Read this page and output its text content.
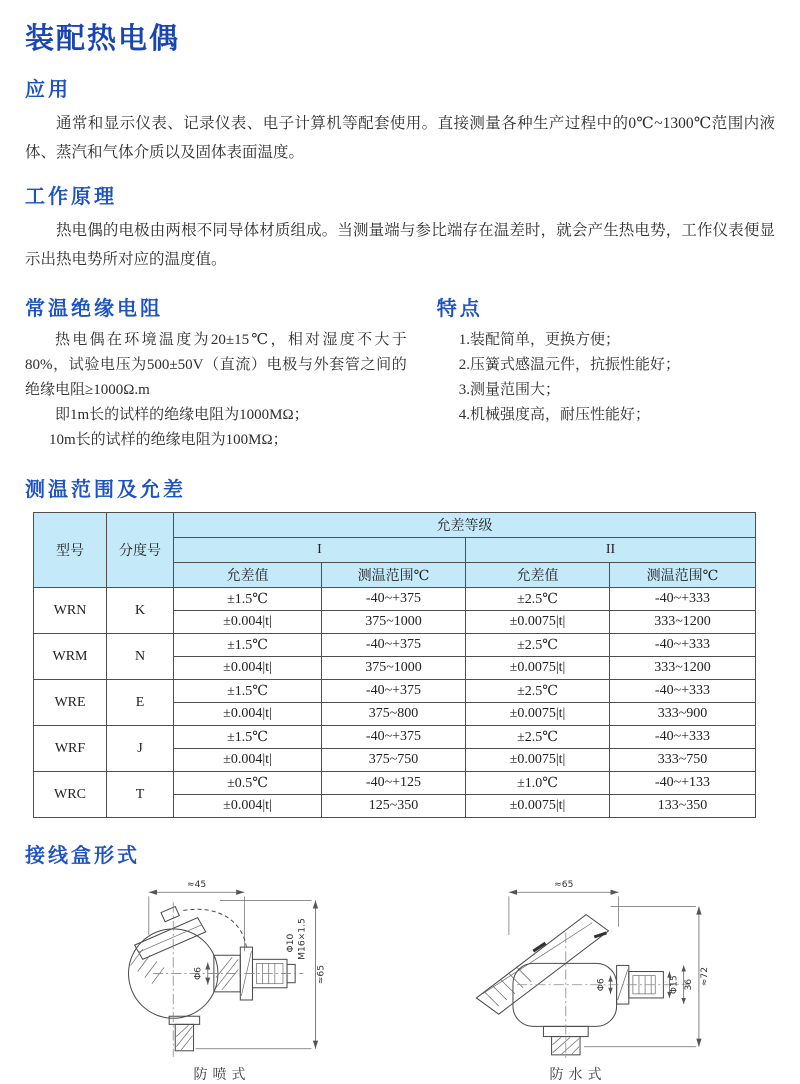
装配热电偶
应用

通常和显示仪表、记录仪表、电子计算机等配套使用。直接测量各种生产过程中的0℃~1300℃范围内液体、蒸汽和气体介质以及固体表面温度。

工作原理

热电偶的电极由两根不同导体材质组成。当测量端与参比端存在温差时，就会产生热电势，工作仪表便显示出热电势所对应的温度值。

常温绝缘电阻

热电偶在环境温度为20±15℃，相对湿度不大于80%，试验电压为500±50V（直流）电极与外套管之间的绝缘电阻≥1000Ω.m

即1m长的试样的绝缘电阻为1000MΩ；

10m长的试样的绝缘电阻为100MΩ；

特点
1.装配简单，更换方便；
2.压簧式感温元件，抗振性能好；
3.测量范围大；
4.机械强度高，耐压性能好；
测温范围及允差
型号	分度号	允差等级			
		I		II	
		允差值	测温范围℃	允差值	测温范围℃
WRN	K	±1.5℃	-40~+375	±2.5℃	-40~+333
		±0.004|t|	375~1000	±0.0075|t|	333~1200
WRM	N	±1.5℃	-40~+375	±2.5℃	-40~+333
		±0.004|t|	375~1000	±0.0075|t|	333~1200
WRE	E	±1.5℃	-40~+375	±2.5℃	-40~+333
		±0.004|t|	375~800	±0.0075|t|	333~900
WRF	J	±1.5℃	-40~+375	±2.5℃	-40~+333
		±0.004|t|	375~750	±0.0075|t|	333~750
WRC	T	±0.5℃	-40~+125	±1.0℃	-40~+133
		±0.004|t|	125~350	±0.0075|t|	133~350
接线盒形式
≈45
Φ6
Φ10 M16×1.5
≈65
防喷式
≈65
Φ6	Φ15 36 ≈72
防水式
